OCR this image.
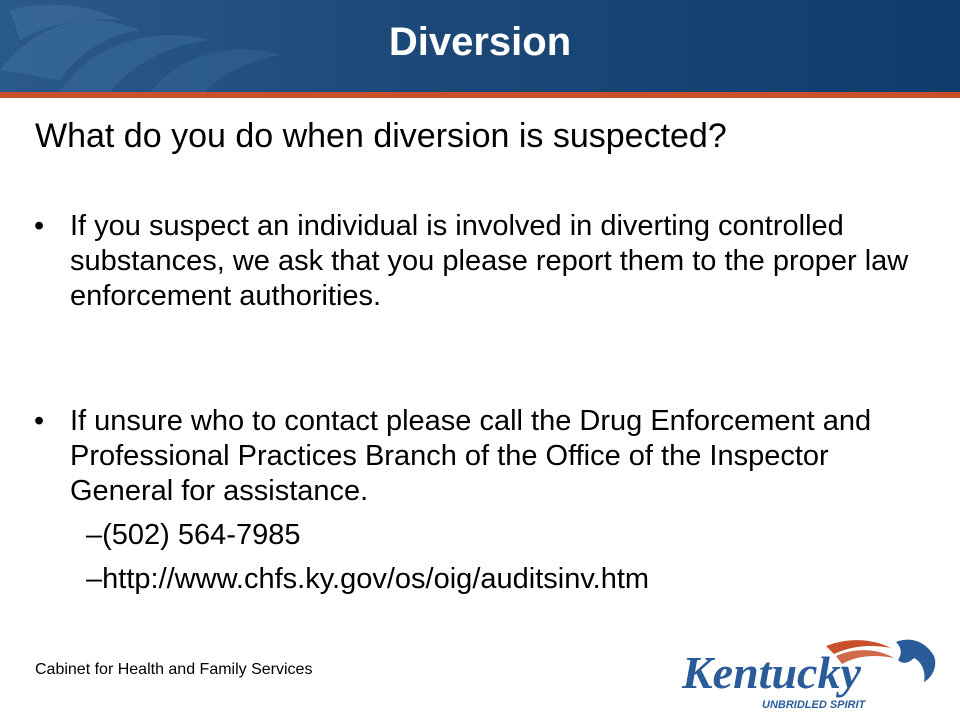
Diversion
What do you do when diversion is suspected?
• If you suspect an individual is involved in diverting controlled substances, we ask that you please report them to the proper law enforcement authorities.
• If unsure who to contact please call the Drug Enforcement and Professional Practices Branch of the Office of the Inspector General for assistance.
–(502) 564-7985
–http://www.chfs.ky.gov/os/oig/auditsinv.htm
Cabinet for Health and Family Services	Kentucky
UNBRIDLED SPIRIT
